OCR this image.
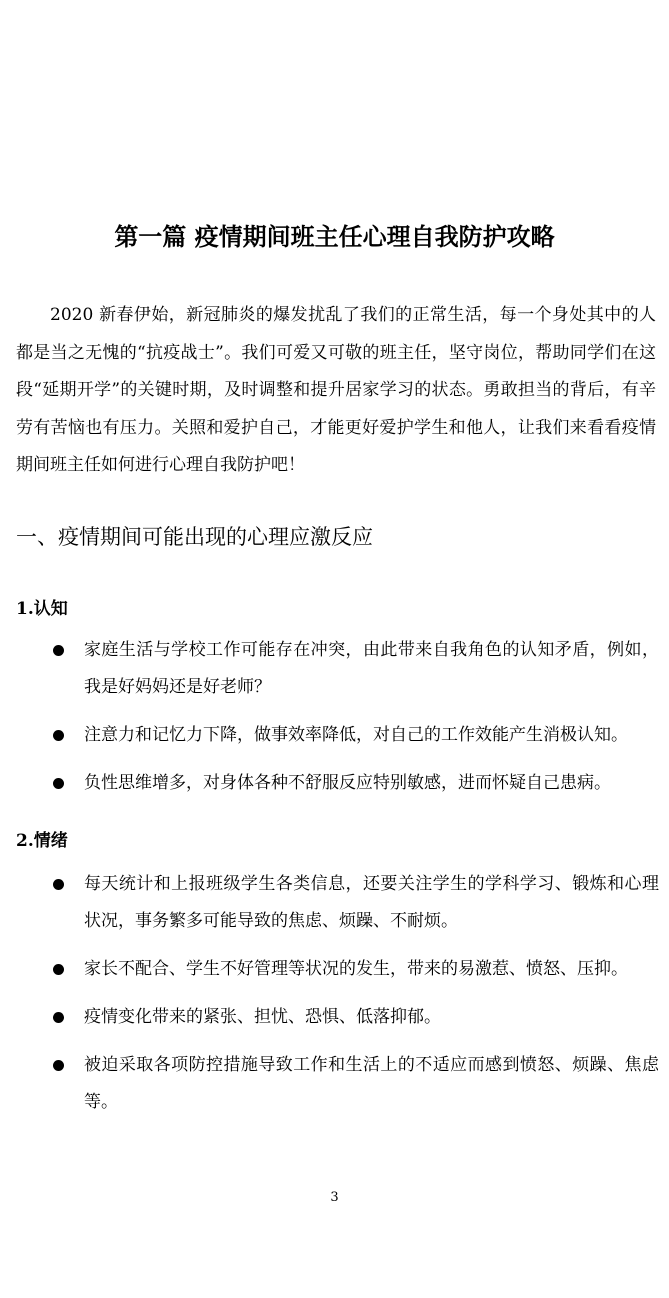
第一篇 疫情期间班主任心理自我防护攻略

2020 新春伊始，新冠肺炎的爆发扰乱了我们的正常生活，每一个身处其中的人都是当之无愧的“抗疫战士”。我们可爱又可敬的班主任，坚守岗位，帮助同学们在这段“延期开学”的关键时期，及时调整和提升居家学习的状态。勇敢担当的背后，有辛劳有苦恼也有压力。关照和爱护自己，才能更好爱护学生和他人，让我们来看看疫情期间班主任如何进行心理自我防护吧！

一、疫情期间可能出现的心理应激反应
1.认知
家庭生活与学校工作可能存在冲突，由此带来自我角色的认知矛盾，例如，我是好妈妈还是好老师？
注意力和记忆力下降，做事效率降低，对自己的工作效能产生消极认知。
负性思维增多，对身体各种不舒服反应特别敏感，进而怀疑自己患病。
2.情绪
每天统计和上报班级学生各类信息，还要关注学生的学科学习、锻炼和心理状况，事务繁多可能导致的焦虑、烦躁、不耐烦。
家长不配合、学生不好管理等状况的发生，带来的易激惹、愤怒、压抑。
疫情变化带来的紧张、担忧、恐惧、低落抑郁。
被迫采取各项防控措施导致工作和生活上的不适应而感到愤怒、烦躁、焦虑等。
3
